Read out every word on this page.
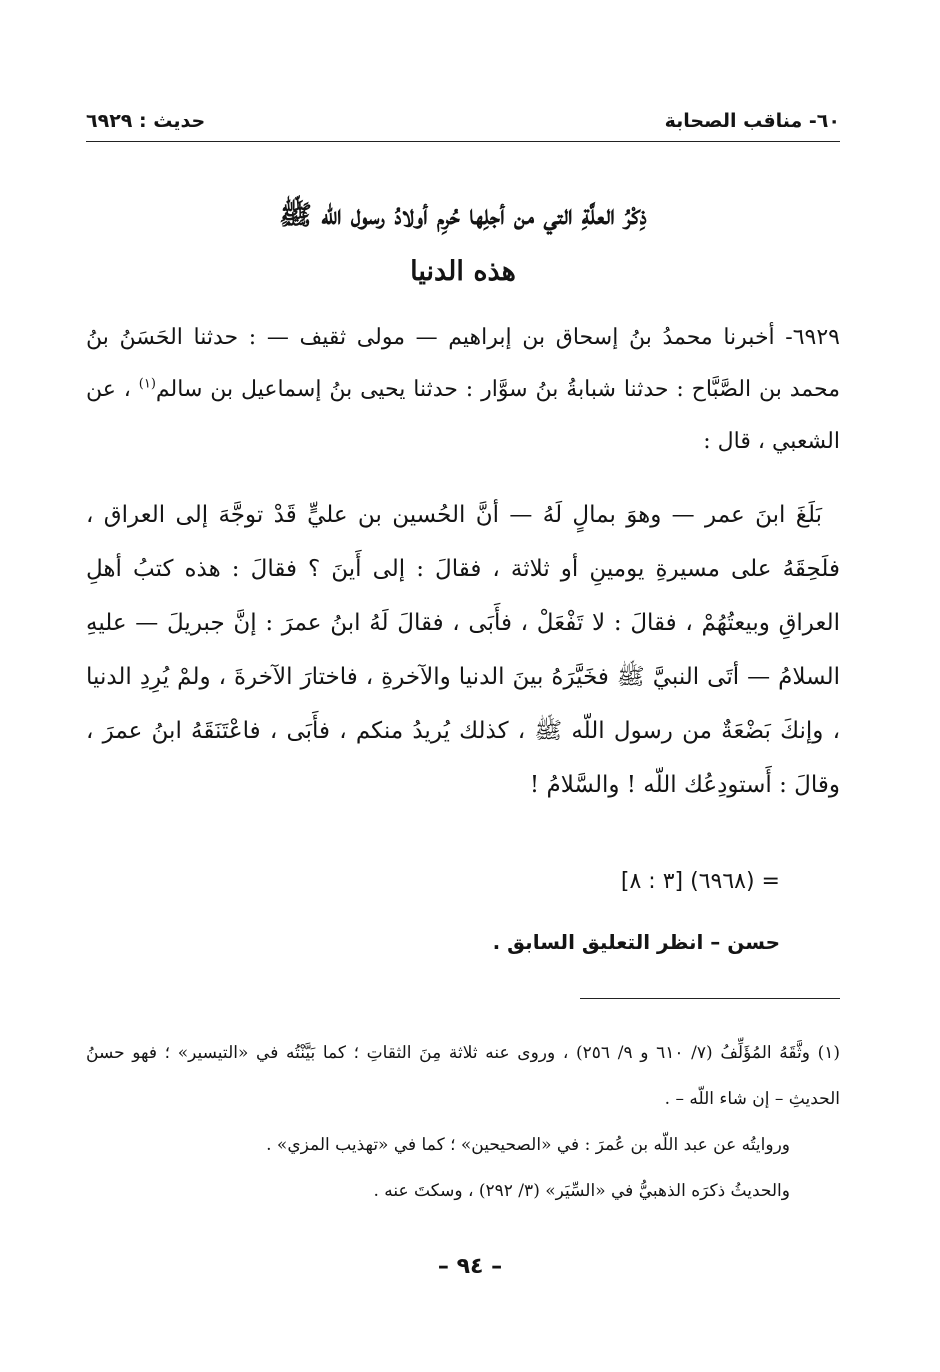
٦٠- مناقب الصحابة
حديث : ٦٩٢٩
ذِكْرُ العلَّةِ التي من أجلِها حُرِم أولادُ رسول اللّه ﷺ
هذه الدنيا

٦٩٢٩- أخبرنا محمدُ بنُ إسحاق بن إبراهيم — مولى ثقيف — : حدثنا الحَسَنُ بنُ محمد بن الصَّبَّاح : حدثنا شبابةُ بنُ سوَّار : حدثنا يحيى بنُ إسماعيل بن سالم$^{(١)}$ ، عن الشعبي ، قال :

بَلَغَ ابنَ عمر — وهوَ بمالٍ لَهُ — أنَّ الحُسين بن عليٍّ قَدْ توجَّهَ إلى العراق ، فلَحِقَهُ على مسيرةِ يومينِ أو ثلاثة ، فقالَ : إلى أَينَ ؟ فقالَ : هذه كتبُ أهلِ العراقِ وبيعتُهُمْ ، فقالَ : لا تَفْعَلْ ، فأَبَى ، فقالَ لَهُ ابنُ عمرَ : إنَّ جبريلَ — عليهِ السلامُ — أتَى النبيَّ ﷺ فخَيَّرَهُ بينَ الدنيا والآخرةِ ، فاختارَ الآخرةَ ، ولمْ يُرِدِ الدنيا ، وإنكَ بَضْعَةٌ من رسول اللّه ﷺ ، كذلك يُريدُ منكم ، فأَبَى ، فاعْتَنَقَهُ ابنُ عمرَ ، وقالَ : أَستودِعُك اللّه ! والسَّلامُ !

= (٦٩٦٨) [٣ : ٨]
حسن – انظر التعليق السابق .

(١) وثَّقَهُ المُؤَلِّفُ (٧/ ٦١٠ و ٩/ ٢٥٦) ، وروى عنه ثلاثة مِنَ الثقاتِ ؛ كما بَيَّنْتُه في «التيسير» ؛ فهو حسنُ الحديثِ – إن شاء اللّه – .

وروايتُه عن عبد اللّه بن عُمرَ : في «الصحيحين» ؛ كما في «تهذيب المزي» .

والحديثُ ذكرَه الذهبيُّ في «السِّيَر» (٣/ ٢٩٢) ، وسكتَ عنه .

– ٩٤ –
